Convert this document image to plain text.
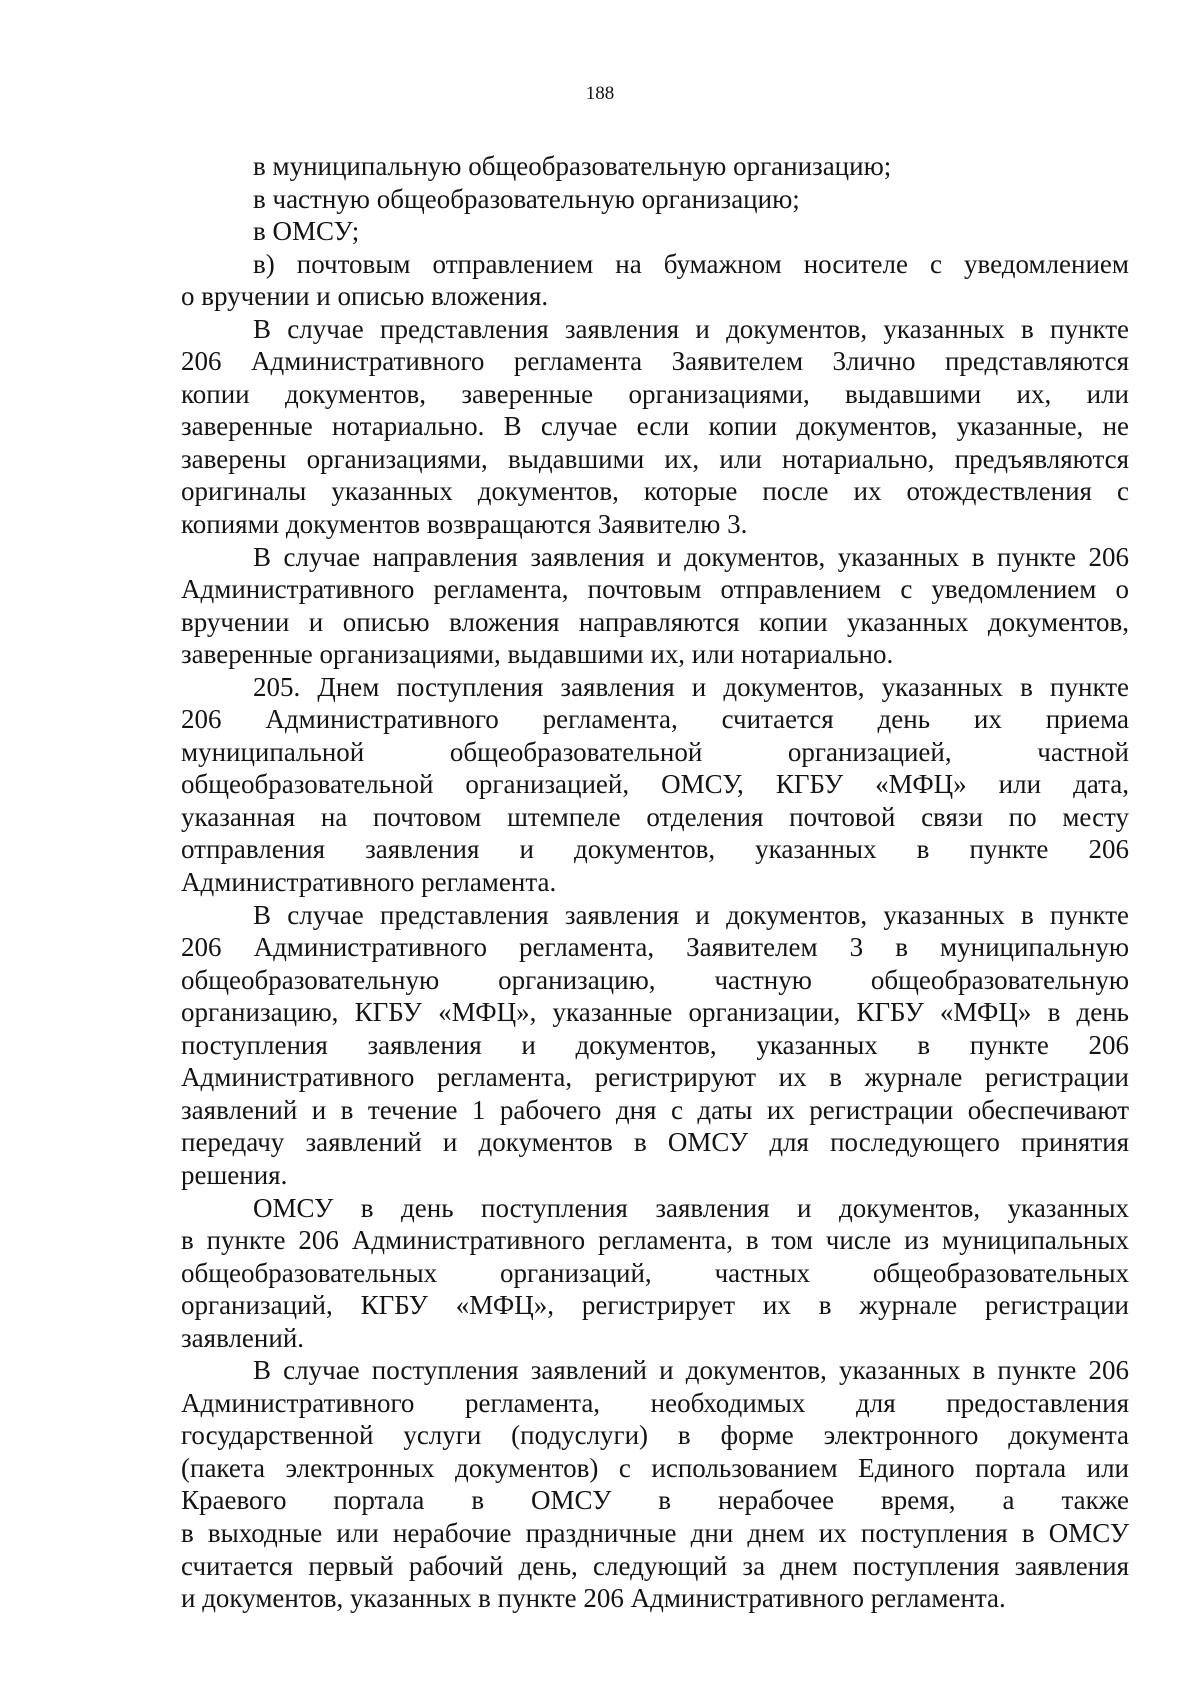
188
в муниципальную общеобразовательную организацию;
в частную общеобразовательную организацию;
в ОМСУ;
в) почтовым отправлением на бумажном носителе с уведомлением
о вручении и описью вложения.
В случае представления заявления и документов, указанных в пункте
206 Административного регламента Заявителем 3лично представляются
копии документов, заверенные организациями, выдавшими их, или
заверенные нотариально. В случае если копии документов, указанные, не
заверены организациями, выдавшими их, или нотариально, предъявляются
оригиналы указанных документов, которые после их отождествления с
копиями документов возвращаются Заявителю 3.
В случае направления заявления и документов, указанных в пункте 206
Административного регламента, почтовым отправлением с уведомлением о
вручении и описью вложения направляются копии указанных документов,
заверенные организациями, выдавшими их, или нотариально.
205. Днем поступления заявления и документов, указанных в пункте
206 Административного регламента, считается день их приема
муниципальной общеобразовательной организацией, частной
общеобразовательной организацией, ОМСУ, КГБУ «МФЦ» или дата,
указанная на почтовом штемпеле отделения почтовой связи по месту
отправления заявления и документов, указанных в пункте 206
Административного регламента.
В случае представления заявления и документов, указанных в пункте
206 Административного регламента, Заявителем 3 в муниципальную
общеобразовательную организацию, частную общеобразовательную
организацию, КГБУ «МФЦ», указанные организации, КГБУ «МФЦ» в день
поступления заявления и документов, указанных в пункте 206
Административного регламента, регистрируют их в журнале регистрации
заявлений и в течение 1 рабочего дня с даты их регистрации обеспечивают
передачу заявлений и документов в ОМСУ для последующего принятия
решения.
ОМСУ в день поступления заявления и документов, указанных
в пункте 206 Административного регламента, в том числе из муниципальных
общеобразовательных организаций, частных общеобразовательных
организаций, КГБУ «МФЦ», регистрирует их в журнале регистрации
заявлений.
В случае поступления заявлений и документов, указанных в пункте 206
Административного регламента, необходимых для предоставления
государственной услуги (подуслуги) в форме электронного документа
(пакета электронных документов) с использованием Единого портала или
Краевого портала в ОМСУ в нерабочее время, а также
в выходные или нерабочие праздничные дни днем их поступления в ОМСУ
считается первый рабочий день, следующий за днем поступления заявления
и документов, указанных в пункте 206 Административного регламента.
